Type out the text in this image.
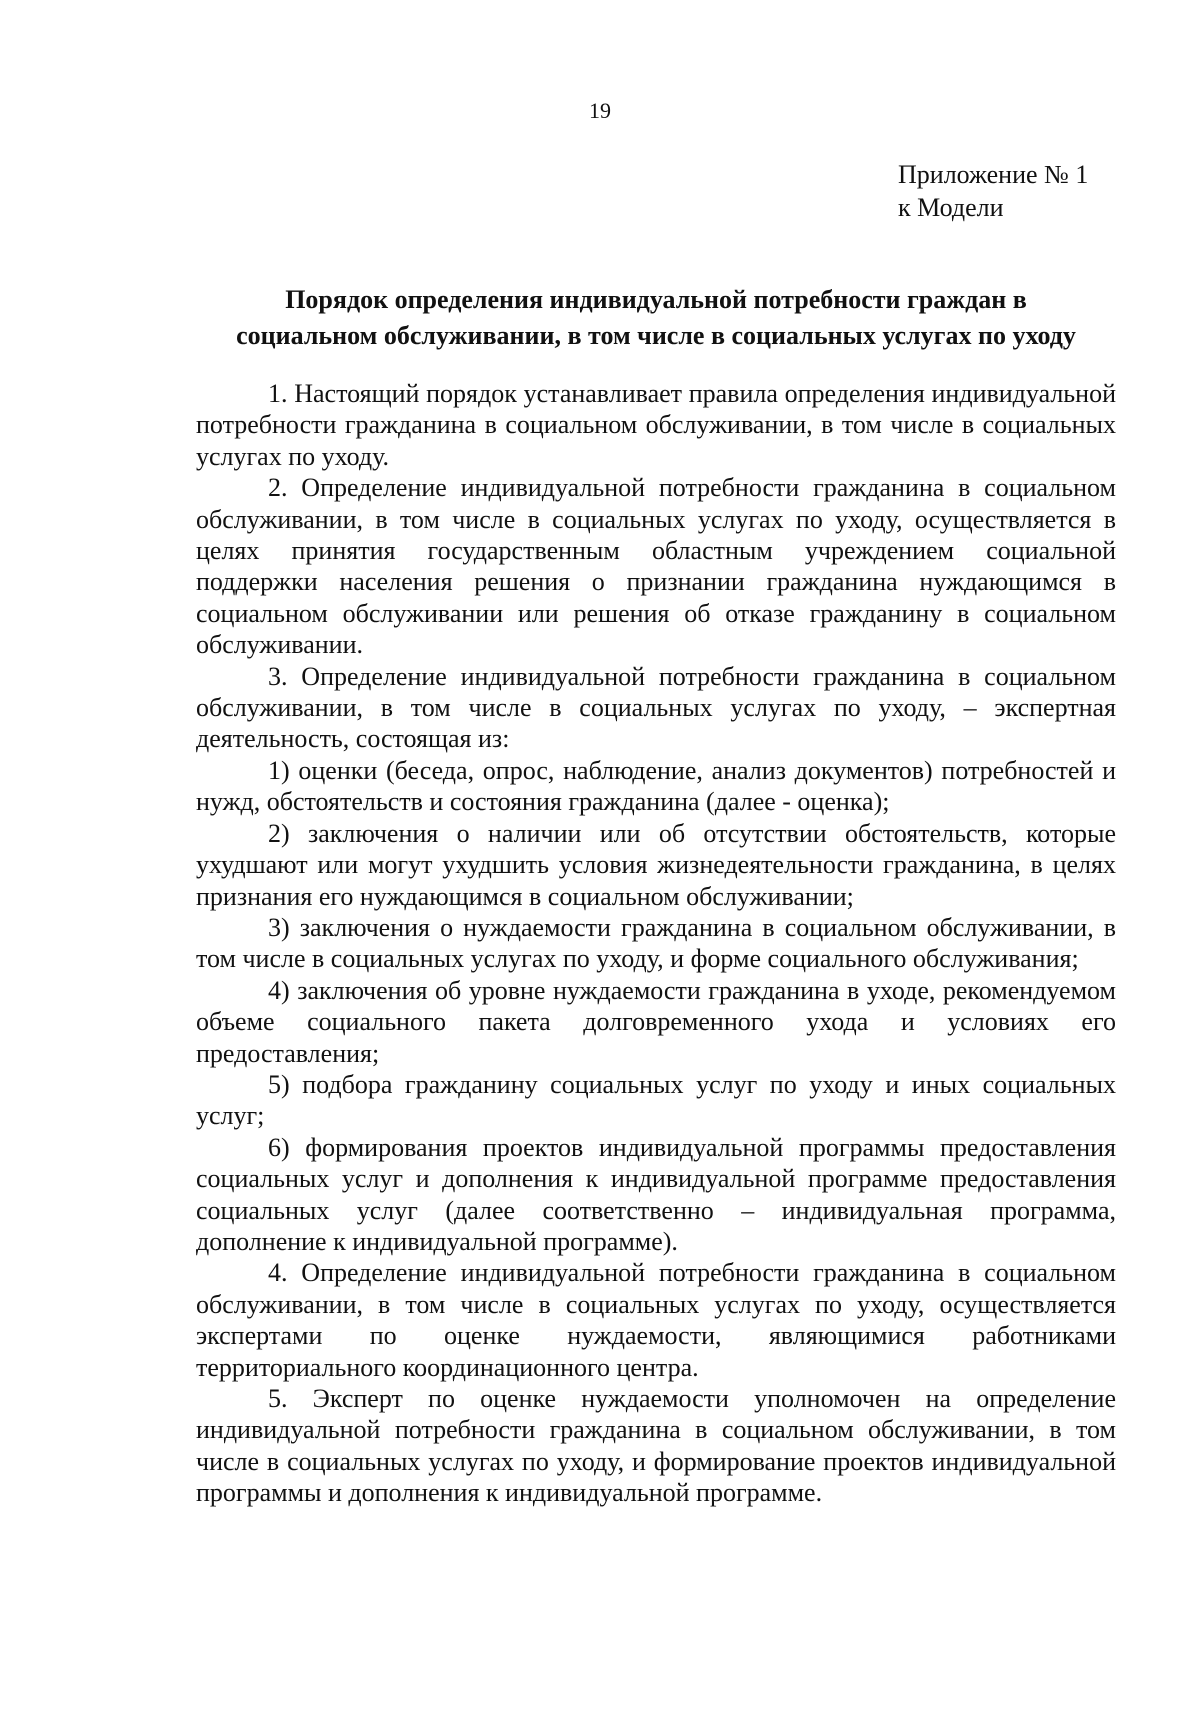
19
Приложение № 1
к Модели
Порядок определения индивидуальной потребности граждан в
социальном обслуживании, в том числе в социальных услугах по уходу

1. Настоящий порядок устанавливает правила определения индивидуальной потребности гражданина в социальном обслуживании, в том числе в социальных услугах по уходу.

2. Определение индивидуальной потребности гражданина в социальном обслуживании, в том числе в социальных услугах по уходу, осуществляется в целях принятия государственным областным учреждением социальной поддержки населения решения о признании гражданина нуждающимся в социальном обслуживании или решения об отказе гражданину в социальном обслуживании.

3. Определение индивидуальной потребности гражданина в социальном обслуживании, в том числе в социальных услугах по уходу, – экспертная деятельность, состоящая из:

1) оценки (беседа, опрос, наблюдение, анализ документов) потребностей и нужд, обстоятельств и состояния гражданина (далее - оценка);

2) заключения о наличии или об отсутствии обстоятельств, которые ухудшают или могут ухудшить условия жизнедеятельности гражданина, в целях признания его нуждающимся в социальном обслуживании;

3) заключения о нуждаемости гражданина в социальном обслуживании, в том числе в социальных услугах по уходу, и форме социального обслуживания;

4) заключения об уровне нуждаемости гражданина в уходе, рекомендуемом объеме социального пакета долговременного ухода и условиях его предоставления;

5) подбора гражданину социальных услуг по уходу и иных социальных услуг;

6) формирования проектов индивидуальной программы предоставления социальных услуг и дополнения к индивидуальной программе предоставления социальных услуг (далее соответственно – индивидуальная программа, дополнение к индивидуальной программе).

4. Определение индивидуальной потребности гражданина в социальном обслуживании, в том числе в социальных услугах по уходу, осуществляется экспертами по оценке нуждаемости, являющимися работниками территориального координационного центра.

5. Эксперт по оценке нуждаемости уполномочен на определение индивидуальной потребности гражданина в социальном обслуживании, в том числе в социальных услугах по уходу, и формирование проектов индивидуальной программы и дополнения к индивидуальной программе.
